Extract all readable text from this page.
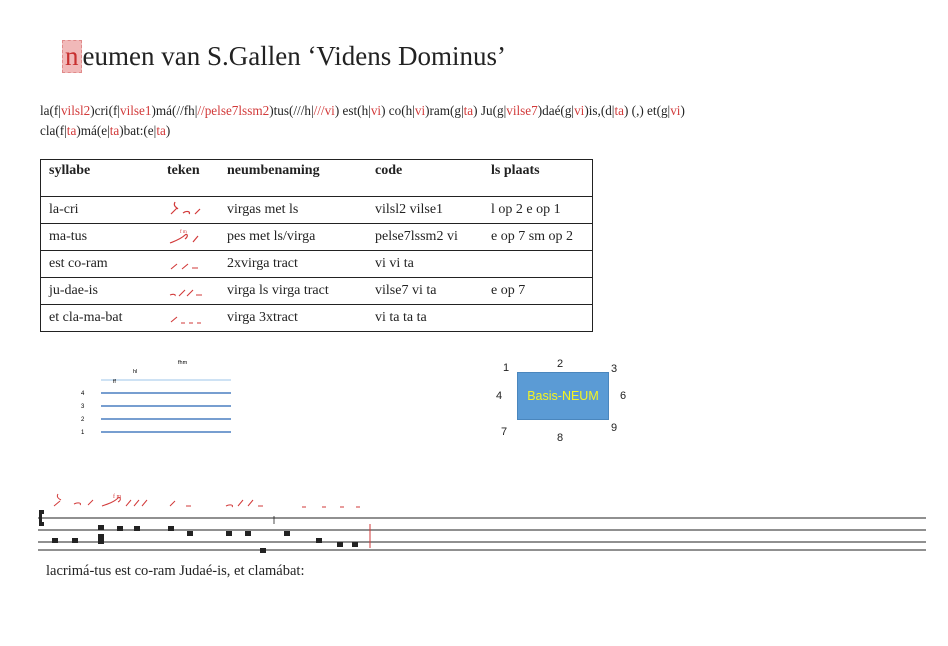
n eumen van S.Gallen ‘Videns Dominus’
la(f|vilsl2)cri(f|vilse1)má(//fh|//pelse7lssm2)tus(///h|///vi) est(h|vi) co(h|vi)ram(g|ta) Ju(g|vilse7)daé(g|vi)is,(d|ta) (,) et(g|vi)
cla(f|ta)má(e|ta)bat:(e|ta)
syllabe	teken	neumbenaming	code	ls plaats
la-cri		virgas met ls	vilsl2 vilse1	l op 2 e op 1
ma-tus	f m	pes met ls/virga	pelse7lssm2 vi	e op 7 sm op 2
est co-ram		2xvirga tract	vi vi ta	
ju-dae-is		virga ls virga tract	vilse7 vi ta	e op 7
et cla-ma-bat		virga 3xtract	vi ta ta ta	
hl
fhm
ff
4
3
2
1
Basis-NEUM
1	2	3
4	6
7	8
9
f m
lacrimá-tus est co-ram Judaé-is, et clamábat:
